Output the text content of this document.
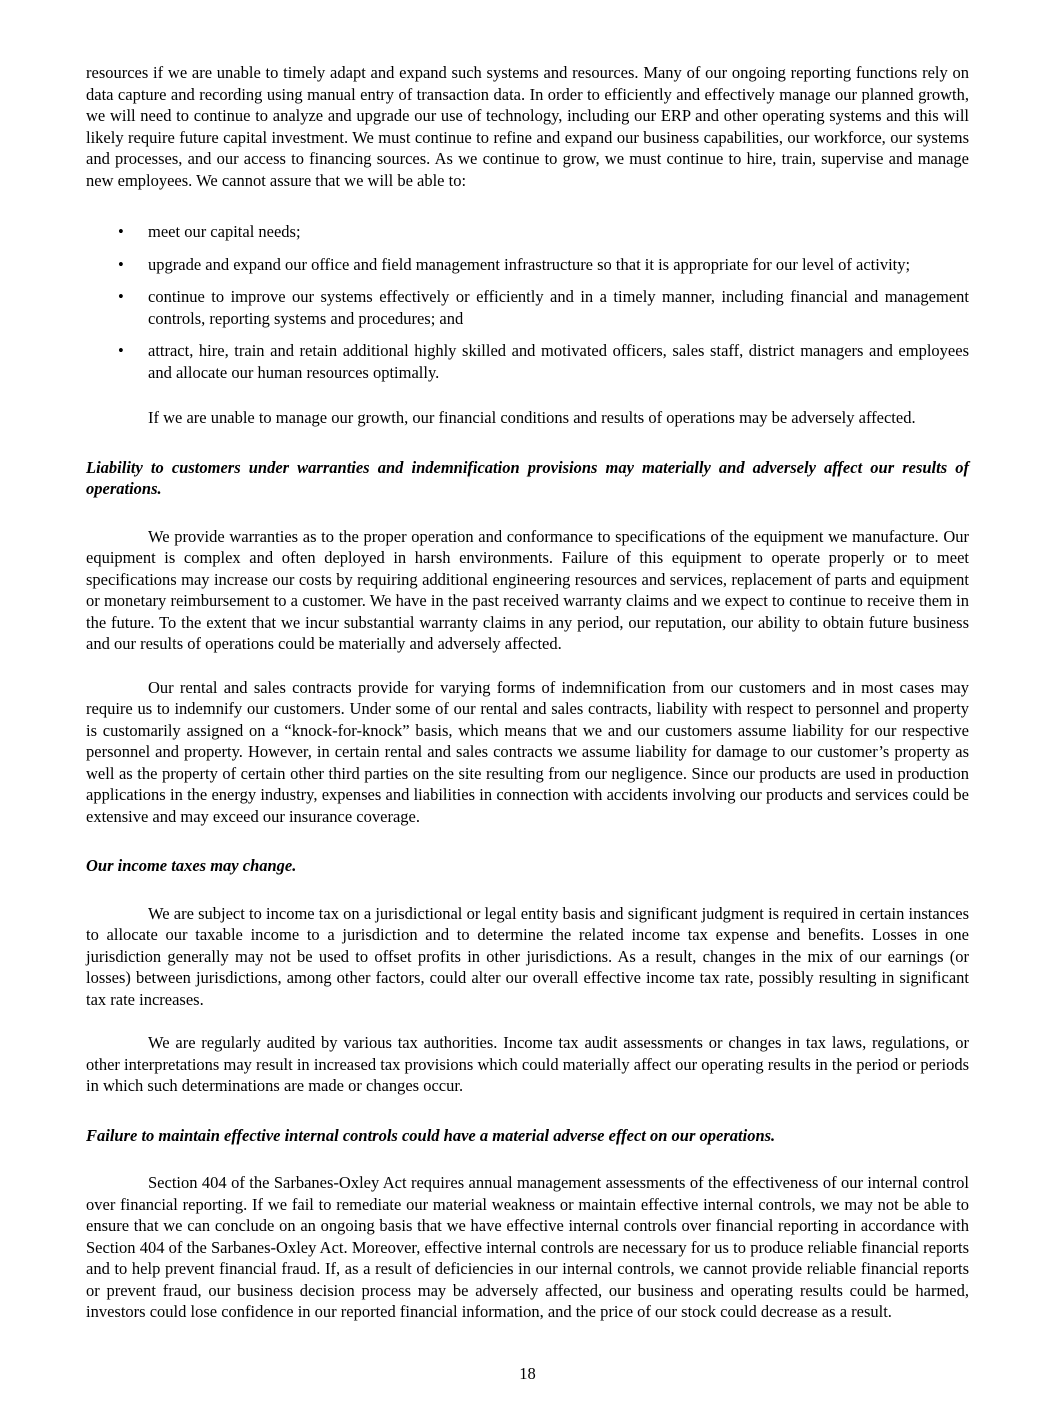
resources if we are unable to timely adapt and expand such systems and resources. Many of our ongoing reporting functions rely on data capture and recording using manual entry of transaction data. In order to efficiently and effectively manage our planned growth, we will need to continue to analyze and upgrade our use of technology, including our ERP and other operating systems and this will likely require future capital investment. We must continue to refine and expand our business capabilities, our workforce, our systems and processes, and our access to financing sources. As we continue to grow, we must continue to hire, train, supervise and manage new employees. We cannot assure that we will be able to:

•	meet our capital needs;
•	upgrade and expand our office and field management infrastructure so that it is appropriate for our level of activity;
•	continue to improve our systems effectively or efficiently and in a timely manner, including financial and management controls, reporting systems and procedures; and
•	attract, hire, train and retain additional highly skilled and motivated officers, sales staff, district managers and employees and allocate our human resources optimally.

If we are unable to manage our growth, our financial conditions and results of operations may be adversely affected.

Liability to customers under warranties and indemnification provisions may materially and adversely affect our results of operations.

We provide warranties as to the proper operation and conformance to specifications of the equipment we manufacture. Our equipment is complex and often deployed in harsh environments. Failure of this equipment to operate properly or to meet specifications may increase our costs by requiring additional engineering resources and services, replacement of parts and equipment or monetary reimbursement to a customer. We have in the past received warranty claims and we expect to continue to receive them in the future. To the extent that we incur substantial warranty claims in any period, our reputation, our ability to obtain future business and our results of operations could be materially and adversely affected.

Our rental and sales contracts provide for varying forms of indemnification from our customers and in most cases may require us to indemnify our customers. Under some of our rental and sales contracts, liability with respect to personnel and property is customarily assigned on a “knock-for-knock” basis, which means that we and our customers assume liability for our respective personnel and property. However, in certain rental and sales contracts we assume liability for damage to our customer’s property as well as the property of certain other third parties on the site resulting from our negligence. Since our products are used in production applications in the energy industry, expenses and liabilities in connection with accidents involving our products and services could be extensive and may exceed our insurance coverage.

Our income taxes may change.

We are subject to income tax on a jurisdictional or legal entity basis and significant judgment is required in certain instances to allocate our taxable income to a jurisdiction and to determine the related income tax expense and benefits. Losses in one jurisdiction generally may not be used to offset profits in other jurisdictions. As a result, changes in the mix of our earnings (or losses) between jurisdictions, among other factors, could alter our overall effective income tax rate, possibly resulting in significant tax rate increases.

We are regularly audited by various tax authorities. Income tax audit assessments or changes in tax laws, regulations, or other interpretations may result in increased tax provisions which could materially affect our operating results in the period or periods in which such determinations are made or changes occur.

Failure to maintain effective internal controls could have a material adverse effect on our operations.

Section 404 of the Sarbanes-Oxley Act requires annual management assessments of the effectiveness of our internal control over financial reporting. If we fail to remediate our material weakness or maintain effective internal controls, we may not be able to ensure that we can conclude on an ongoing basis that we have effective internal controls over financial reporting in accordance with Section 404 of the Sarbanes-Oxley Act. Moreover, effective internal controls are necessary for us to produce reliable financial reports and to help prevent financial fraud. If, as a result of deficiencies in our internal controls, we cannot provide reliable financial reports or prevent fraud, our business decision process may be adversely affected, our business and operating results could be harmed, investors could lose confidence in our reported financial information, and the price of our stock could decrease as a result.

18
